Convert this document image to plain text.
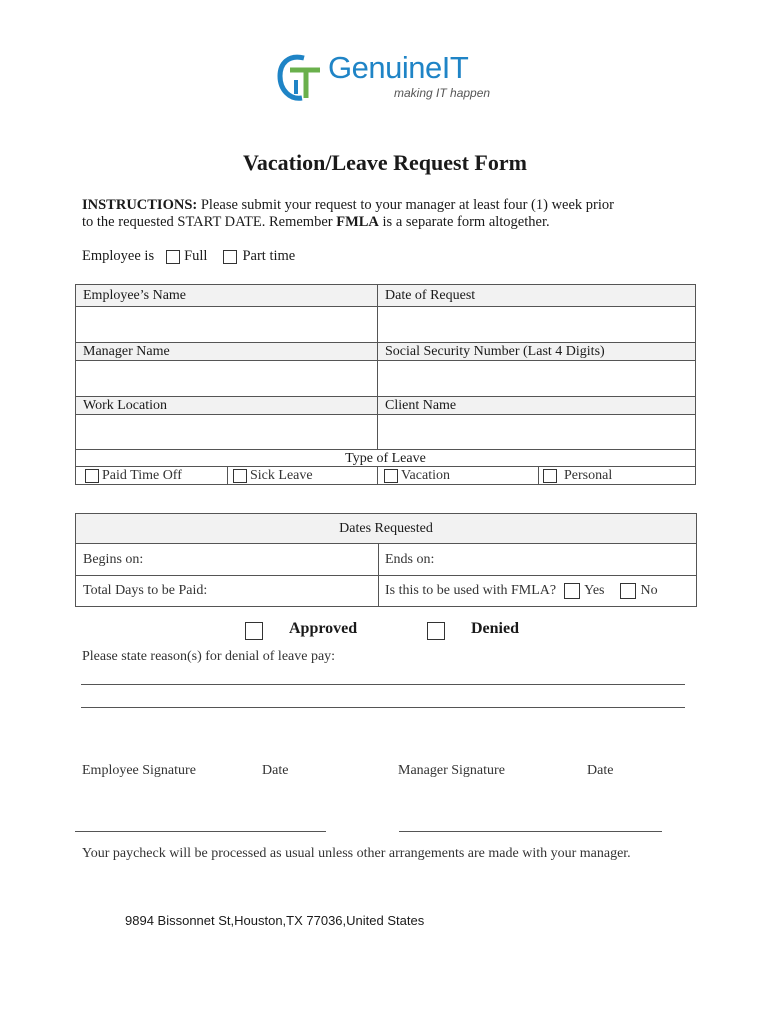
GenuineIT
making IT happen
Vacation/Leave Request Form
INSTRUCTIONS: Please submit your request to your manager at least four (1) week prior
to the requested START DATE. Remember FMLA is a separate form altogether.
Employee is Full Part time
Employee’s Name	Date of Request
Manager Name	Social Security Number (Last 4 Digits)
Work Location	Client Name
Type of Leave
Paid Time Off	Sick Leave	Vacation	Personal
Dates Requested
Begins on:	Ends on:
Total Days to be Paid:	Is this to be used with FMLA? Yes	No
Approved	Denied
Please state reason(s) for denial of leave pay:
Employee Signature	Date	Manager Signature	Date
Your paycheck will be processed as usual unless other arrangements are made with your manager.
9894 Bissonnet St,Houston,TX 77036,United States
